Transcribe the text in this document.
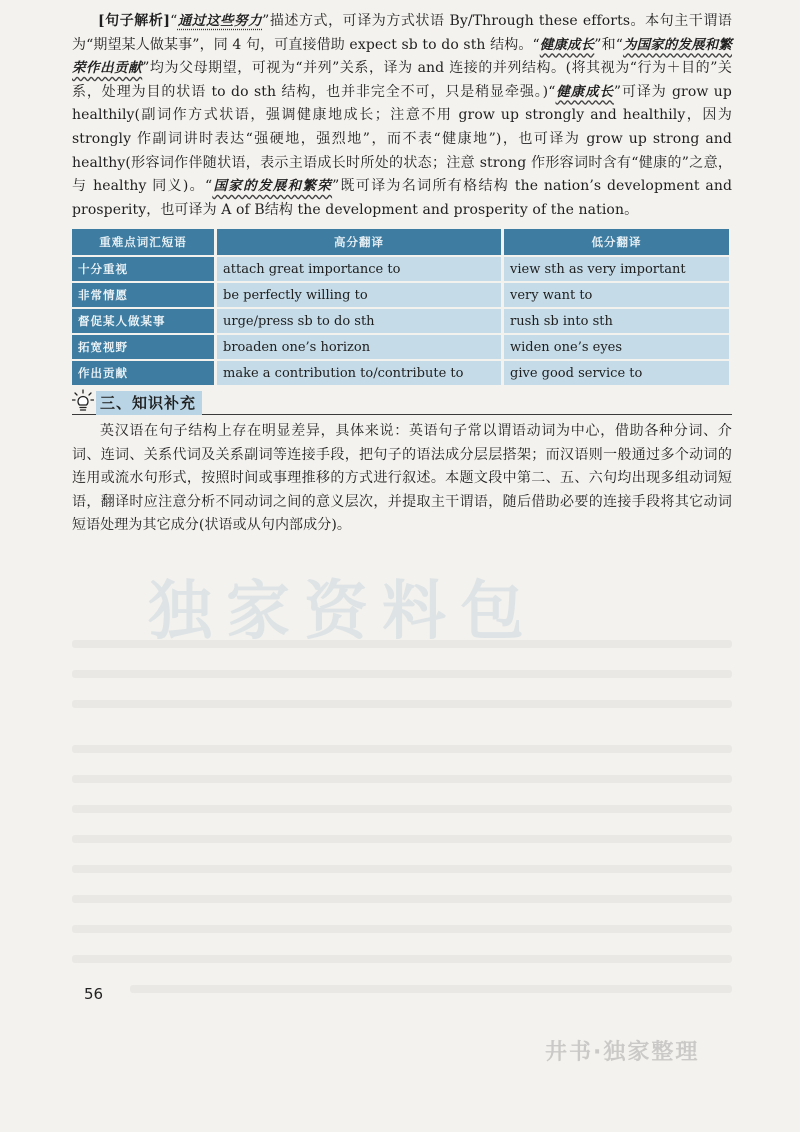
[句子解析]“通过这些努力”描述方式，可译为方式状语 By/Through these efforts。本句主干谓语为“期望某人做某事”，同 4 句，可直接借助 expect sb to do sth 结构。“健康成长”和“为国家的发展和繁荣作出贡献”均为父母期望，可视为“并列”关系，译为 and 连接的并列结构。(将其视为“行为＋目的”关系，处理为目的状语 to do sth 结构，也并非完全不可，只是稍显牵强。)“健康成长”可译为 grow up healthily(副词作方式状语，强调健康地成长；注意不用 grow up strongly and healthily，因为 strongly 作副词讲时表达“强硬地，强烈地”，而不表“健康地”)，也可译为 grow up strong and healthy(形容词作伴随状语，表示主语成长时所处的状态；注意 strong 作形容词时含有“健康的”之意，与 healthy 同义)。“国家的发展和繁荣”既可译为名词所有格结构 the nation’s development and prosperity，也可译为 A of B结构 the development and prosperity of the nation。
重难点词汇短语	高分翻译	低分翻译
十分重视	attach great importance to	view sth as very important
非常情愿	be perfectly willing to	very want to
督促某人做某事	urge/press sb to do sth	rush sb into sth
拓宽视野	broaden one’s horizon	widen one’s eyes
作出贡献	make a contribution to/contribute to	give good service to
三、知识补充
英汉语在句子结构上存在明显差异，具体来说：英语句子常以谓语动词为中心，借助各种分词、介词、连词、关系代词及关系副词等连接手段，把句子的语法成分层层搭架；而汉语则一般通过多个动词的连用或流水句形式，按照时间或事理推移的方式进行叙述。本题文段中第二、五、六句均出现多组动词短语，翻译时应注意分析不同动词之间的意义层次，并提取主干谓语，随后借助必要的连接手段将其它动词短语处理为其它成分(状语或从句内部成分)。
独家资料包
56
井书·独家整理
